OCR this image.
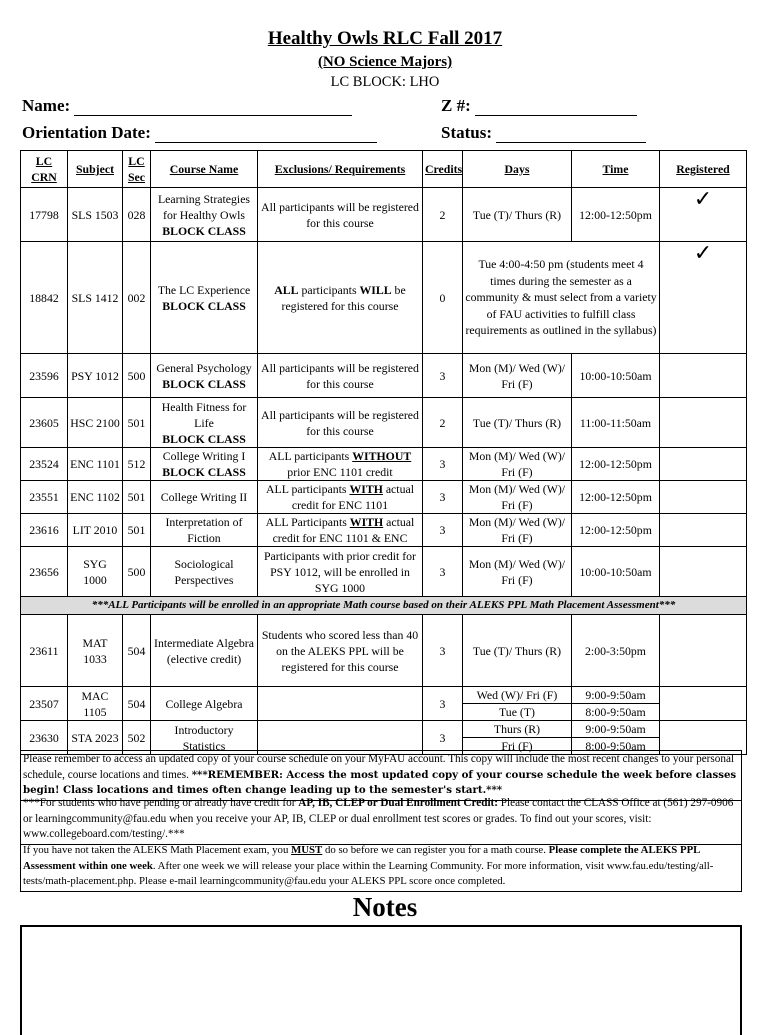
Healthy Owls RLC Fall 2017
(NO Science Majors)
LC BLOCK: LHO
Name:	Z #:
Orientation Date:	Status:
LC CRN	Subject	LC Sec	Course Name	Exclusions/ Requirements	Credits	Days	Time	Registered
17798	SLS 1503	028	Learning Strategies for Healthy Owls
BLOCK CLASS	All participants will be registered for this course	2	Tue (T)/ Thurs (R)	12:00-12:50pm	✓
18842	SLS 1412	002	The LC Experience
BLOCK CLASS	ALL participants WILL be registered for this course	0	Tue 4:00-4:50 pm (students meet 4 times during the semester as a community & must select from a variety of FAU activities to fulfill class requirements as outlined in the syllabus)		✓
23596	PSY 1012	500	General Psychology
BLOCK CLASS	All participants will be registered for this course	3	Mon (M)/ Wed (W)/ Fri (F)	10:00-10:50am	
23605	HSC 2100	501	Health Fitness for Life
BLOCK CLASS	All participants will be registered for this course	2	Tue (T)/ Thurs (R)	11:00-11:50am	
23524	ENC 1101	512	College Writing I
BLOCK CLASS	ALL participants WITHOUT prior ENC 1101 credit	3	Mon (M)/ Wed (W)/ Fri (F)	12:00-12:50pm	
23551	ENC 1102	501	College Writing II	ALL participants WITH actual credit for ENC 1101	3	Mon (M)/ Wed (W)/ Fri (F)	12:00-12:50pm	
23616	LIT 2010	501	Interpretation of Fiction	ALL Participants WITH actual credit for ENC 1101 & ENC	3	Mon (M)/ Wed (W)/ Fri (F)	12:00-12:50pm	
23656	SYG 1000	500	Sociological Perspectives	Participants with prior credit for PSY 1012, will be enrolled in SYG 1000	3	Mon (M)/ Wed (W)/ Fri (F)	10:00-10:50am	
***ALL Participants will be enrolled in an appropriate Math course based on their ALEKS PPL Math Placement Assessment***								
23611	MAT 1033	504	Intermediate Algebra (elective credit)	Students who scored less than 40 on the ALEKS PPL will be registered for this course	3	Tue (T)/ Thurs (R)	2:00-3:50pm	
23507	MAC 1105	504	College Algebra		3	Wed (W)/ Fri (F)	9:00-9:50am	
						Tue (T)	8:00-9:50am	
23630	STA 2023	502	Introductory Statistics		3	Thurs (R)	9:00-9:50am	
						Fri (F)	8:00-9:50am	
Please remember to access an updated copy of your course schedule on your MyFAU account. This copy will include the most recent changes to your personal schedule, course locations and times. ***REMEMBER: Access the most updated copy of your course schedule the week before classes begin! Class locations and times often change leading up to the semester's start.***
***For students who have pending or already have credit for AP, IB, CLEP or Dual Enrollment Credit: Please contact the CLASS Office at (561) 297-0906 or learningcommunity@fau.edu when you receive your AP, IB, CLEP or dual enrollment test scores or grades. To find out your scores, visit: www.collegeboard.com/testing/.***
If you have not taken the ALEKS Math Placement exam, you MUST do so before we can register you for a math course. Please complete the ALEKS PPL Assessment within one week. After one week we will release your place within the Learning Community. For more information, visit www.fau.edu/testing/all-tests/math-placement.php. Please e-mail learningcommunity@fau.edu your ALEKS PPL score once completed.
Notes
